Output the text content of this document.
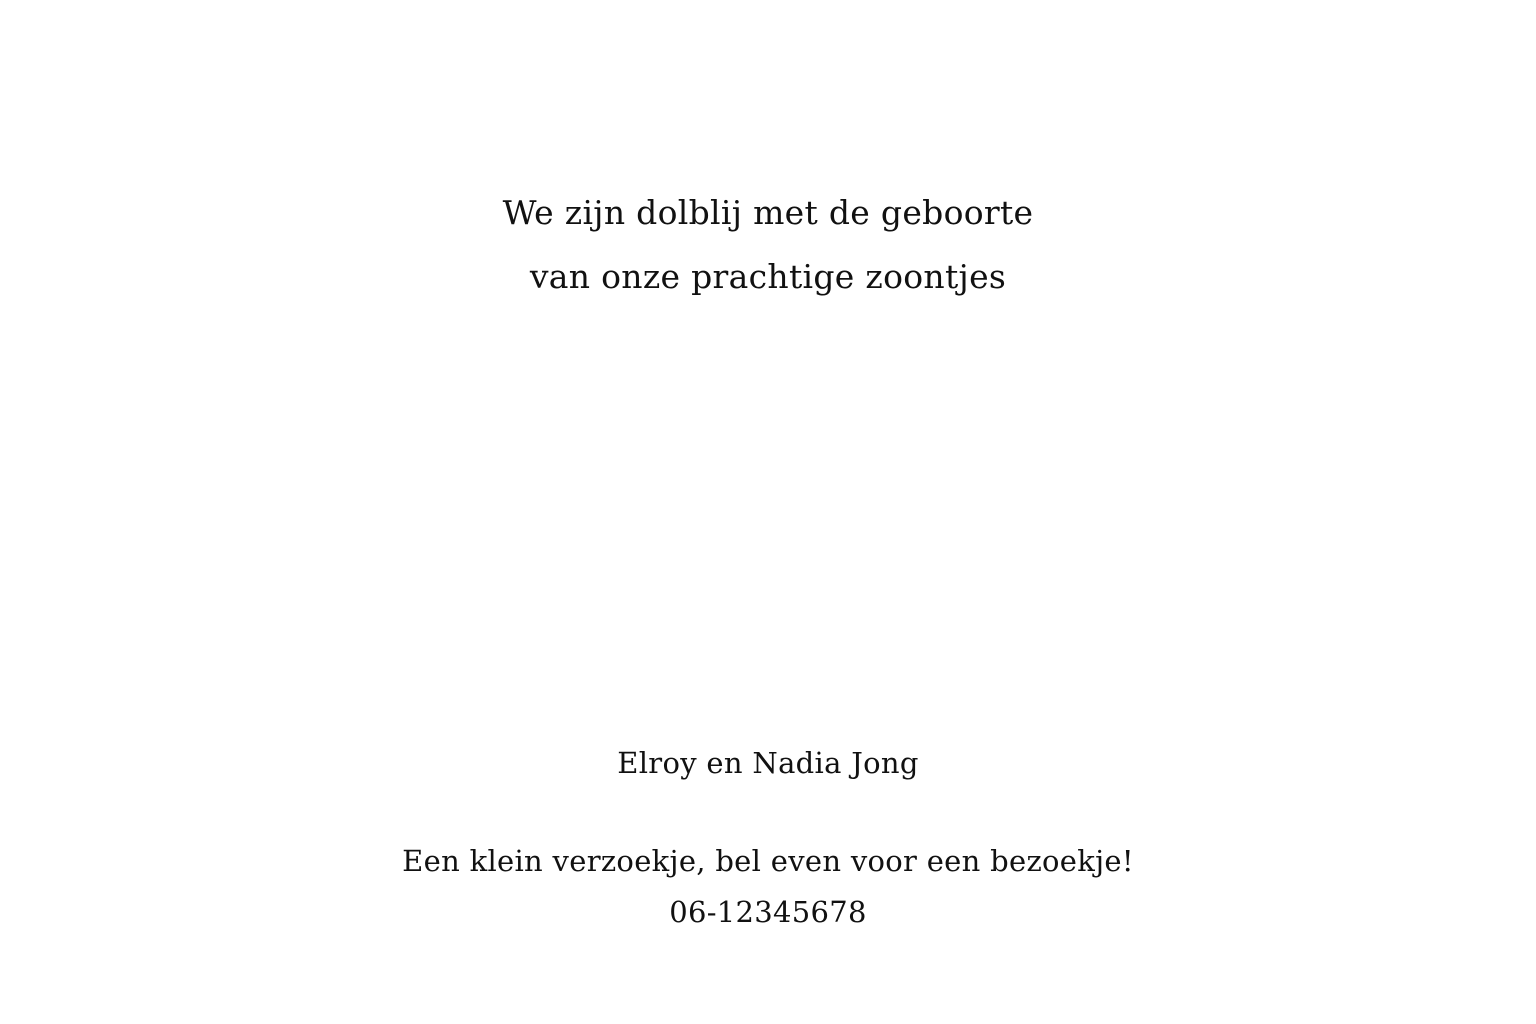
We zijn dolblij met de geboorte
van onze prachtige zoontjes
Elroy en Nadia Jong
Een klein verzoekje, bel even voor een bezoekje!
06-12345678
